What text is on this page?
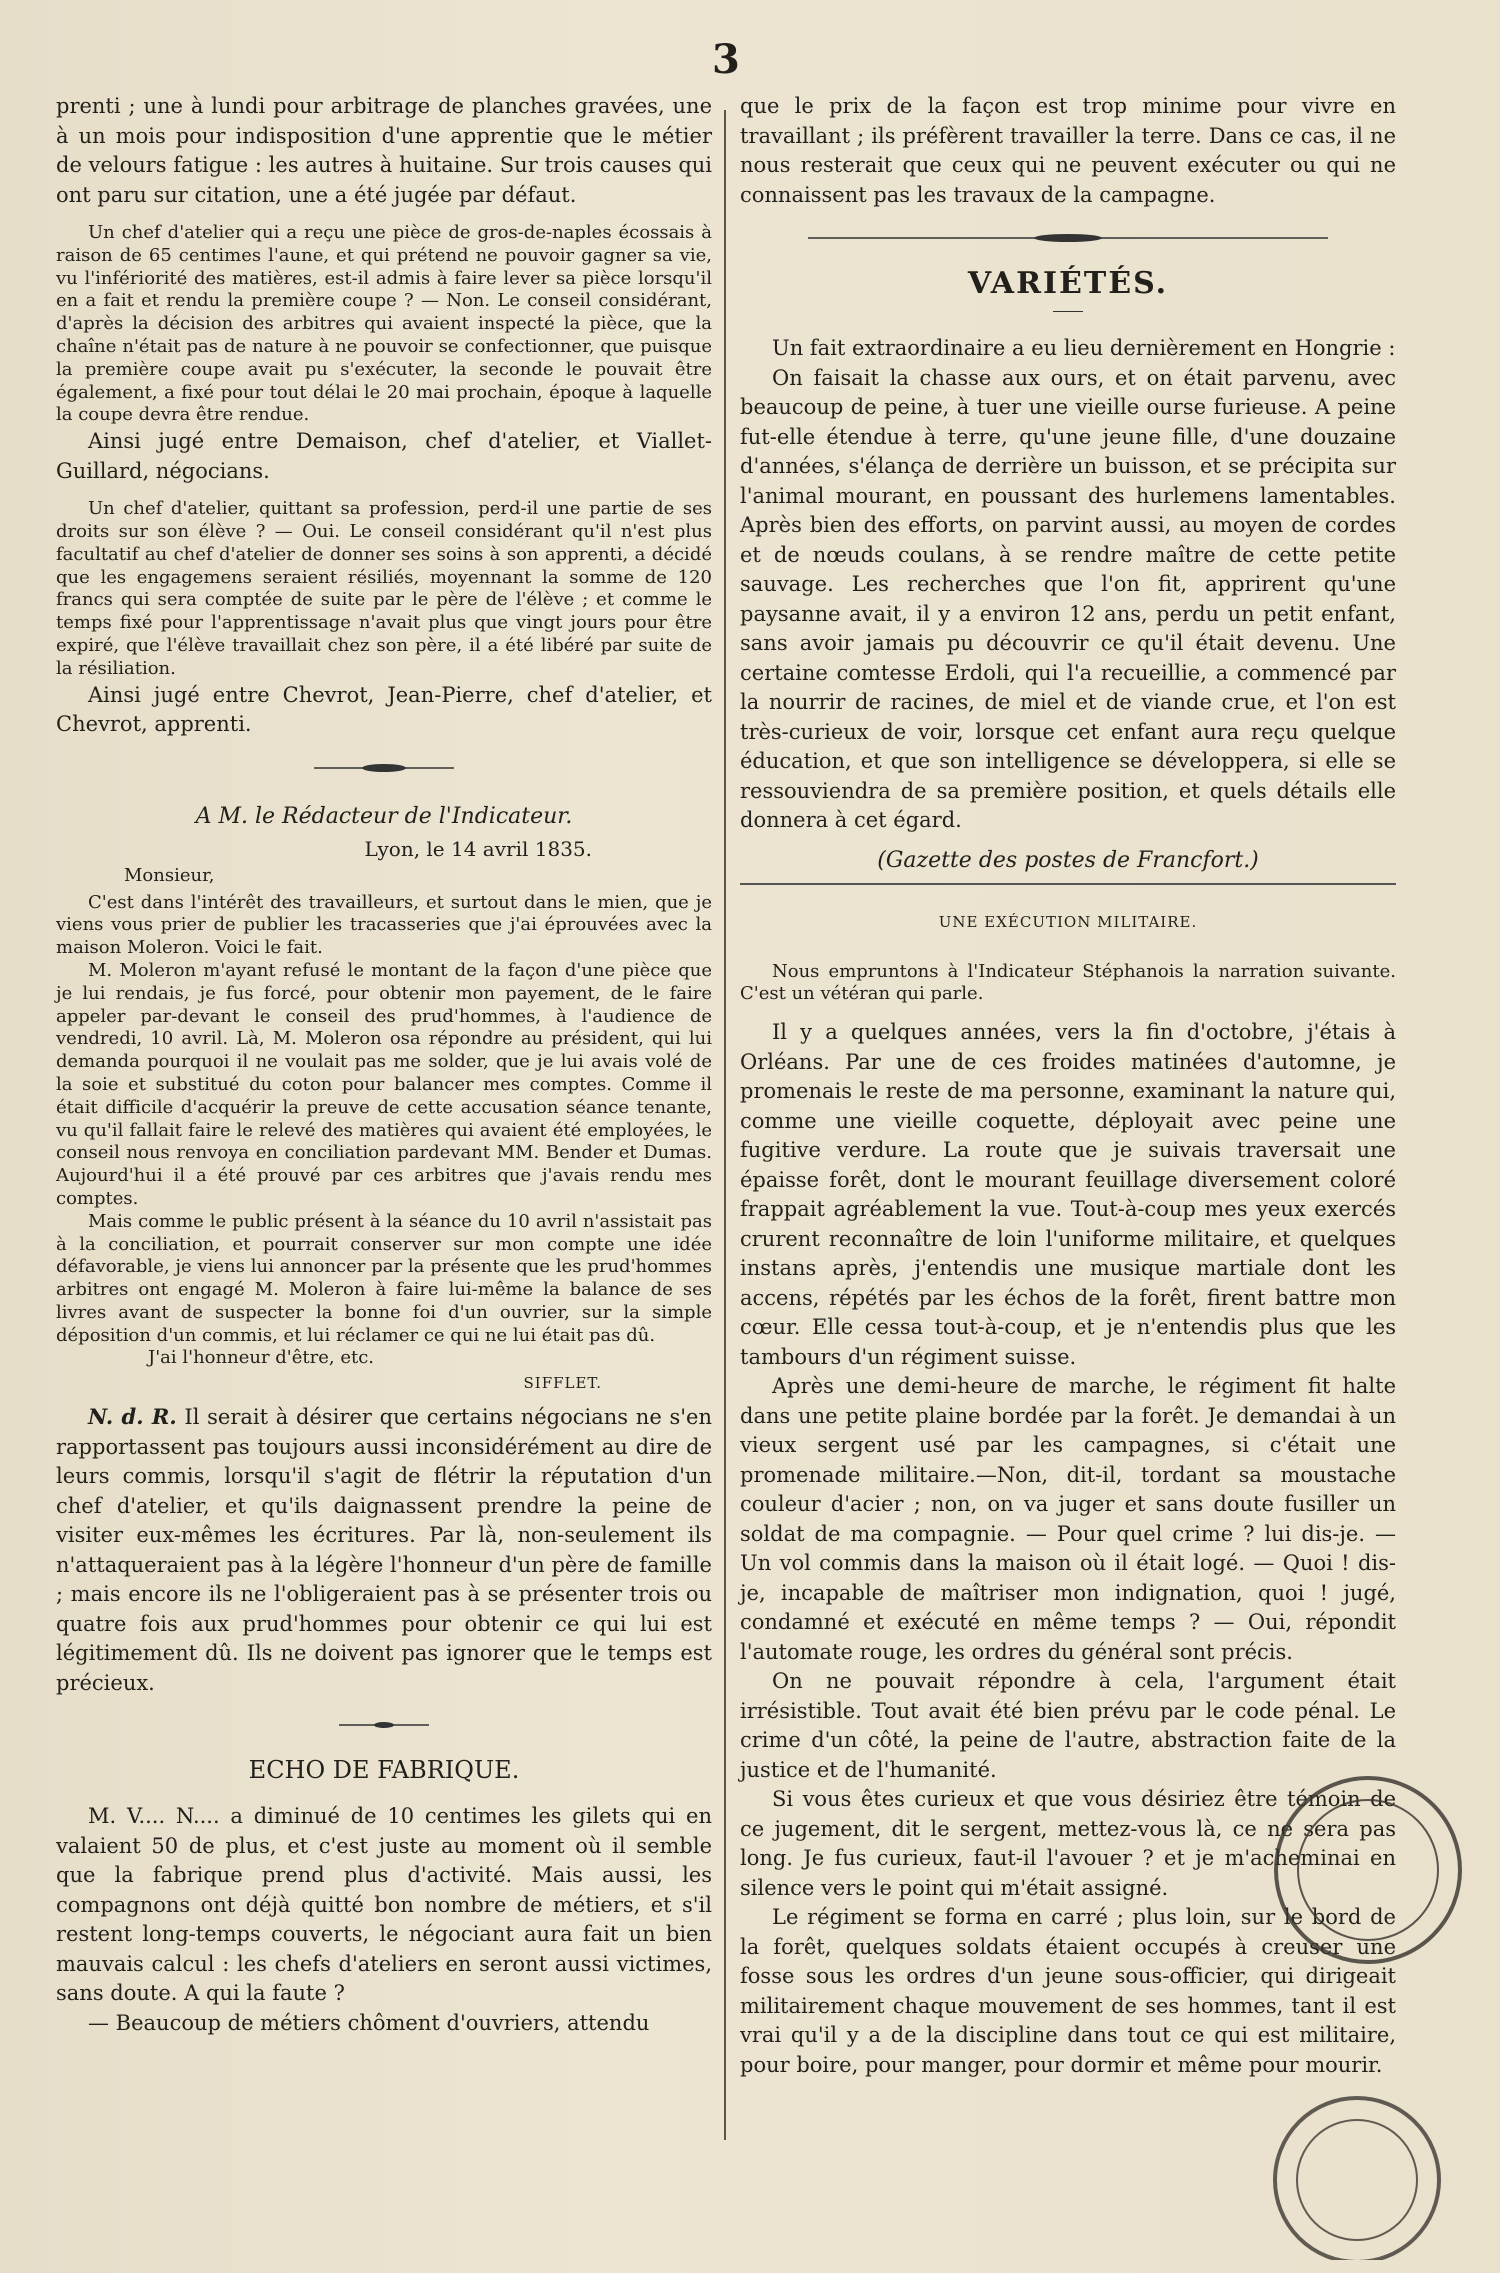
3

prenti ; une à lundi pour arbitrage de planches gravées, une à un mois pour indisposition d'une apprentie que le métier de velours fatigue : les autres à huitaine. Sur trois causes qui ont paru sur citation, une a été jugée par défaut.

Un chef d'atelier qui a reçu une pièce de gros-de-naples écossais à raison de 65 centimes l'aune, et qui prétend ne pouvoir gagner sa vie, vu l'infériorité des matières, est-il admis à faire lever sa pièce lorsqu'il en a fait et rendu la première coupe ? — Non. Le conseil considérant, d'après la décision des arbitres qui avaient inspecté la pièce, que la chaîne n'était pas de nature à ne pouvoir se confectionner, que puisque la première coupe avait pu s'exécuter, la seconde le pouvait être également, a fixé pour tout délai le 20 mai prochain, époque à laquelle la coupe devra être rendue.

Ainsi jugé entre Demaison, chef d'atelier, et Viallet-Guillard, négocians.

Un chef d'atelier, quittant sa profession, perd-il une partie de ses droits sur son élève ? — Oui. Le conseil considérant qu'il n'est plus facultatif au chef d'atelier de donner ses soins à son apprenti, a décidé que les engagemens seraient résiliés, moyennant la somme de 120 francs qui sera comptée de suite par le père de l'élève ; et comme le temps fixé pour l'apprentissage n'avait plus que vingt jours pour être expiré, que l'élève travaillait chez son père, il a été libéré par suite de la résiliation.

Ainsi jugé entre Chevrot, Jean-Pierre, chef d'atelier, et Chevrot, apprenti.

A M. le Rédacteur de l'Indicateur.
Lyon, le 14 avril 1835.
Monsieur,

C'est dans l'intérêt des travailleurs, et surtout dans le mien, que je viens vous prier de publier les tracasseries que j'ai éprouvées avec la maison Moleron. Voici le fait.

M. Moleron m'ayant refusé le montant de la façon d'une pièce que je lui rendais, je fus forcé, pour obtenir mon payement, de le faire appeler par-devant le conseil des prud'hommes, à l'audience de vendredi, 10 avril. Là, M. Moleron osa répondre au président, qui lui demanda pourquoi il ne voulait pas me solder, que je lui avais volé de la soie et substitué du coton pour balancer mes comptes. Comme il était difficile d'acquérir la preuve de cette accusation séance tenante, vu qu'il fallait faire le relevé des matières qui avaient été employées, le conseil nous renvoya en conciliation pardevant MM. Bender et Dumas. Aujourd'hui il a été prouvé par ces arbitres que j'avais rendu mes comptes.

Mais comme le public présent à la séance du 10 avril n'assistait pas à la conciliation, et pourrait conserver sur mon compte une idée défavorable, je viens lui annoncer par la présente que les prud'hommes arbitres ont engagé M. Moleron à faire lui-même la balance de ses livres avant de suspecter la bonne foi d'un ouvrier, sur la simple déposition d'un commis, et lui réclamer ce qui ne lui était pas dû.

J'ai l'honneur d'être, etc.
SIFFLET.

N. d. R. Il serait à désirer que certains négocians ne s'en rapportassent pas toujours aussi inconsidérément au dire de leurs commis, lorsqu'il s'agit de flétrir la réputation d'un chef d'atelier, et qu'ils daignassent prendre la peine de visiter eux-mêmes les écritures. Par là, non-seulement ils n'attaqueraient pas à la légère l'honneur d'un père de famille ; mais encore ils ne l'obligeraient pas à se présenter trois ou quatre fois aux prud'hommes pour obtenir ce qui lui est légitimement dû. Ils ne doivent pas ignorer que le temps est précieux.

ECHO DE FABRIQUE.

M. V.... N.... a diminué de 10 centimes les gilets qui en valaient 50 de plus, et c'est juste au moment où il semble que la fabrique prend plus d'activité. Mais aussi, les compagnons ont déjà quitté bon nombre de métiers, et s'il restent long-temps couverts, le négociant aura fait un bien mauvais calcul : les chefs d'ateliers en seront aussi victimes, sans doute. A qui la faute ?

— Beaucoup de métiers chôment d'ouvriers, attendu

que le prix de la façon est trop minime pour vivre en travaillant ; ils préfèrent travailler la terre. Dans ce cas, il ne nous resterait que ceux qui ne peuvent exécuter ou qui ne connaissent pas les travaux de la campagne.

VARIÉTÉS.

Un fait extraordinaire a eu lieu dernièrement en Hongrie :

On faisait la chasse aux ours, et on était parvenu, avec beaucoup de peine, à tuer une vieille ourse furieuse. A peine fut-elle étendue à terre, qu'une jeune fille, d'une douzaine d'années, s'élança de derrière un buisson, et se précipita sur l'animal mourant, en poussant des hurlemens lamentables. Après bien des efforts, on parvint aussi, au moyen de cordes et de nœuds coulans, à se rendre maître de cette petite sauvage. Les recherches que l'on fit, apprirent qu'une paysanne avait, il y a environ 12 ans, perdu un petit enfant, sans avoir jamais pu découvrir ce qu'il était devenu. Une certaine comtesse Erdoli, qui l'a recueillie, a commencé par la nourrir de racines, de miel et de viande crue, et l'on est très-curieux de voir, lorsque cet enfant aura reçu quelque éducation, et que son intelligence se développera, si elle se ressouviendra de sa première position, et quels détails elle donnera à cet égard.

(Gazette des postes de Francfort.)
UNE EXÉCUTION MILITAIRE.

Nous empruntons à l'Indicateur Stéphanois la narration suivante. C'est un vétéran qui parle.

Il y a quelques années, vers la fin d'octobre, j'étais à Orléans. Par une de ces froides matinées d'automne, je promenais le reste de ma personne, examinant la nature qui, comme une vieille coquette, déployait avec peine une fugitive verdure. La route que je suivais traversait une épaisse forêt, dont le mourant feuillage diversement coloré frappait agréablement la vue. Tout-à-coup mes yeux exercés crurent reconnaître de loin l'uniforme militaire, et quelques instans après, j'entendis une musique martiale dont les accens, répétés par les échos de la forêt, firent battre mon cœur. Elle cessa tout-à-coup, et je n'entendis plus que les tambours d'un régiment suisse.

Après une demi-heure de marche, le régiment fit halte dans une petite plaine bordée par la forêt. Je demandai à un vieux sergent usé par les campagnes, si c'était une promenade militaire.—Non, dit-il, tordant sa moustache couleur d'acier ; non, on va juger et sans doute fusiller un soldat de ma compagnie. — Pour quel crime ? lui dis-je. — Un vol commis dans la maison où il était logé. — Quoi ! dis-je, incapable de maîtriser mon indignation, quoi ! jugé, condamné et exécuté en même temps ? — Oui, répondit l'automate rouge, les ordres du général sont précis.

On ne pouvait répondre à cela, l'argument était irrésistible. Tout avait été bien prévu par le code pénal. Le crime d'un côté, la peine de l'autre, abstraction faite de la justice et de l'humanité.

Si vous êtes curieux et que vous désiriez être témoin de ce jugement, dit le sergent, mettez-vous là, ce ne sera pas long. Je fus curieux, faut-il l'avouer ? et je m'acheminai en silence vers le point qui m'était assigné.

Le régiment se forma en carré ; plus loin, sur le bord de la forêt, quelques soldats étaient occupés à creuser une fosse sous les ordres d'un jeune sous-officier, qui dirigeait militairement chaque mouvement de ses hommes, tant il est vrai qu'il y a de la discipline dans tout ce qui est militaire, pour boire, pour manger, pour dormir et même pour mourir.
